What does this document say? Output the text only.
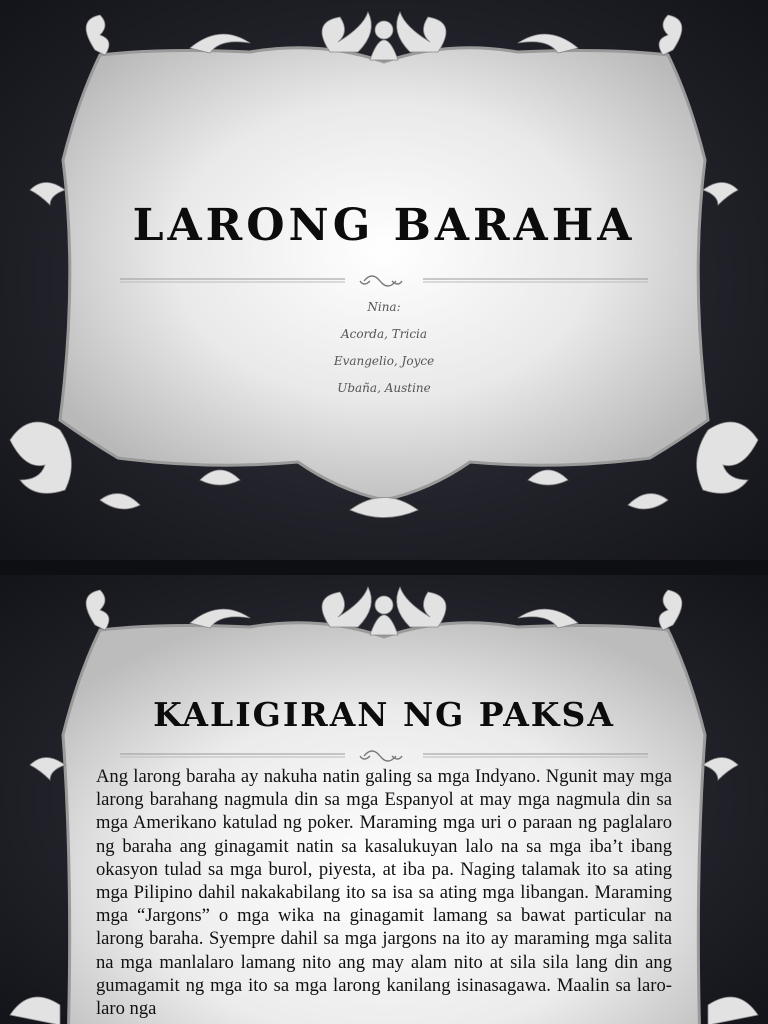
LARONG BARAHA
Nina:
Acorda, Tricia
Evangelio, Joyce
Ubaña, Austine
KALIGIRAN NG PAKSA

Ang larong baraha ay nakuha natin galing sa mga Indyano. Ngunit may mga larong barahang nagmula din sa mga Espanyol at may mga nagmula din sa mga Amerikano katulad ng poker. Maraming mga uri o paraan ng paglalaro ng baraha ang ginagamit natin sa kasalukuyan lalo na sa mga iba’t ibang okasyon tulad sa mga burol, piyesta, at iba pa. Naging talamak ito sa ating mga Pilipino dahil nakakabilang ito sa isa sa ating mga libangan. Maraming mga “Jargons” o mga wika na ginagamit lamang sa bawat particular na larong baraha. Syempre dahil sa mga jargons na ito ay maraming mga salita na mga manlalaro lamang nito ang may alam nito at sila sila lang din ang gumagamit ng mga ito sa mga larong kanilang isinasagawa. Maalin sa laro-laro nga
